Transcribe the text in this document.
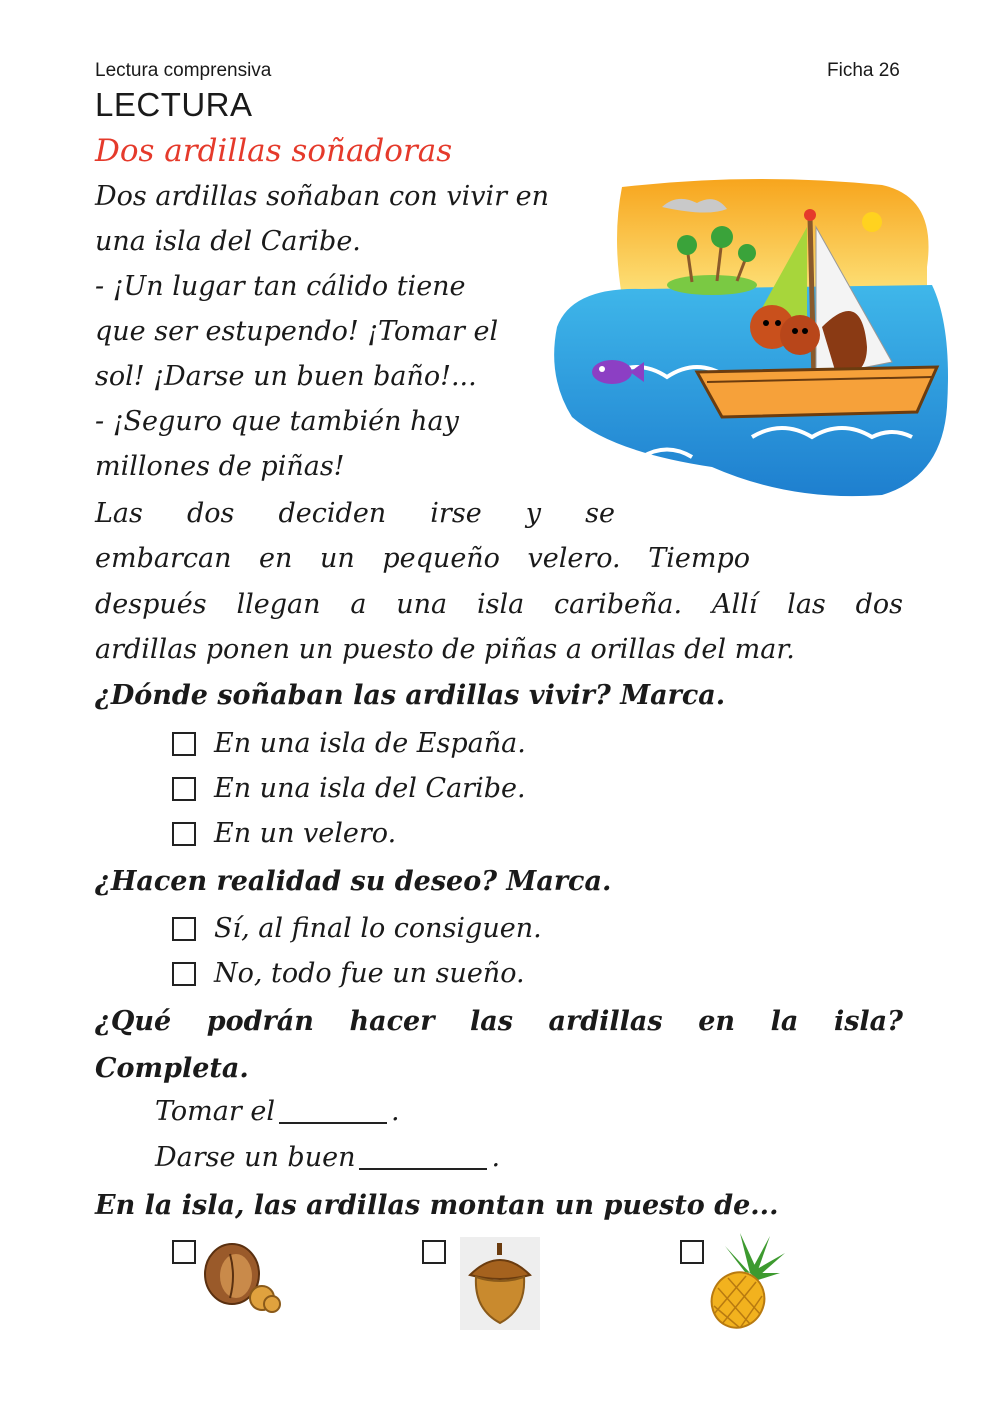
Lectura comprensiva	Ficha 26
LECTURA
Dos ardillas soñadoras
Dos ardillas soñaban con vivir en
una isla del Caribe.
- ¡Un lugar tan cálido tiene
que ser estupendo! ¡Tomar el
sol! ¡Darse un buen baño!...
- ¡Seguro que también hay
millones de piñas!
Las dos deciden irse y se
embarcan en un pequeño velero. Tiempo
después llegan a una isla caribeña. Allí las dos
ardillas ponen un puesto de piñas a orillas del mar.
¿Dónde soñaban las ardillas vivir? Marca.
En una isla de España.
En una isla del Caribe.
En un velero.
¿Hacen realidad su deseo? Marca.
Sí, al final lo consiguen.
No, todo fue un sueño.
¿Qué podrán hacer las ardillas en la isla?
Completa.
Tomar el	.
Darse un buen	.
En la isla, las ardillas montan un puesto de...
